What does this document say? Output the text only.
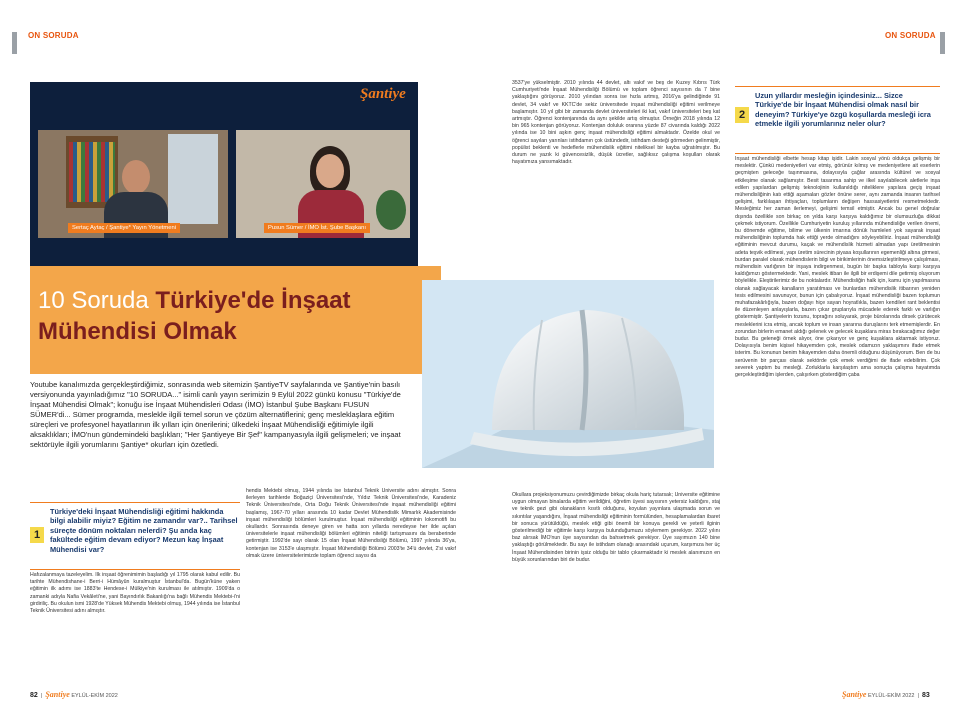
ON SORUDA	ON SORUDA
Şantiye
Sertaç Aytaç / Şantiye* Yayın Yönetmeni	Pusun Sümer / İMO İst. Şube Başkanı
10 Soruda Türkiye'de İnşaat
Mühendisi Olmak

Youtube kanalımızda gerçekleştirdiğimiz, sonrasında web sitemizin ŞantiyeTV sayfalarında ve Şantiye'nin basılı versiyonunda yayınladığımız "10 SORUDA..." isimli canlı yayın serimizin 9 Eylül 2022 günkü konusu "Türkiye'de İnşaat Mühendisi Olmak"; konuğu ise İnşaat Mühendisleri Odası (İMO) İstanbul Şube Başkanı FUSUN SÜMER'di... Sümer programda, meslekle ilgili temel sorun ve çözüm alternatiflerini; genç mesleklaşlara eğitim süreçleri ve profesyonel hayatlarının ilk yılları için önerilerini; ülkedeki İnşaat Mühendisliği eğitimiyle ilgili aksaklıkları; İMO'nun gündemindeki başlıkları; "Her Şantiyeye Bir Şef" kampanyasıyla ilgili gelişmeleri; ve inşaat sektörüyle ilgili yorumlarını Şantiye* okurları için özetledi.

1
Türkiye'deki İnşaat Mühendisliği eğitimi hakkında bilgi alabilir miyiz? Eğitim ne zamandır var?.. Tarihsel süreçte dönüm noktaları nelerdi? Şu anda kaç fakültede eğitim devam ediyor? Mezun kaç İnşaat Mühendisi var?
2
Uzun yıllardır mesleğin içindesiniz... Sizce Türkiye'de bir İnşaat Mühendisi olmak nasıl bir deneyim? Türkiye'ye özgü koşullarda mesleği icra etmekle ilgili yorumlarınız neler olur?

Hafızalanmaya tazeleyelim. İlk inşaat öğrenimimin başladığı yıl 1795 olarak kabul edilir. Bu tarihte Mühendishane-i Berri-i Hümâyûn kuralmuştur İstanbul'da. Bugün'küne yaken eğitimin ilk adımı ise 1883'te Hendese-i Mülkiye'nin kurulması ile atılmıştır. 1909'da o zamanki adıyla Nafia Vekâleti'ne, yani Bayındırlık Bakanlığı'na bağlı Mühendis Mektebi-i'ni girdiriliç. Bu okulun ismi 1928'de Yüksek Mühendis Mektebi olmuş, 1944 yılında ise İstanbul Teknik Üniversitesi adını almıştır.

hendis Mektebi olmuş, 1944 yılında ise İstanbul Teknik Üniversite adını almıştır. Sonra ilerleyen tarihlerde Boğaziçi Üniversitesi'nde, Yıldız Teknik Üniversitesi'nde, Karadeniz Teknik Üniversitesi'nde, Orta Doğu Teknik Üniversitesi'nde inşaat mühendisliği eğitimi başlamış, 1967-70 yılları arasında 10 kadar Devlet Mühendislik Mimarlık Akademisinde inşaat mühendisliği bölümleri kurulmuştur. İnşaat mühendisliği eğitiminin lokomotifi bu okullardır. Sonrasında deneye giren ve hatta son yıllarda neredeyse her ilde açılan üniversitelerle inşaat mühendisliği bölümleri eğitimin niteliği tartışmasını da beraberinde getirmiştir. 1992'de sayı olarak 15 olan İnşaat Mühendisliği Bölümü, 1997 yılında 36'ya, kontenjan ise 3153'e ulaşmıştır. İnşaat Mühendisliği Bölümü 2003'te 34'ü devlet, 2'si vakıf olmak üzere üniversitelerimizde toplam öğrenci sayısı da

3537'ye yükselmiştir. 2010 yılında 44 devlet, altı vakıf ve beş de Kuzey Kıbrıs Türk Cumhuriyeti'nde İnşaat Mühendisliği Bölümü ve toplam öğrenci sayısının da 7 bine yaklaştığını görüyoruz. 2010 yılından sonra ise hızla artmış, 2016'ya gelindiğinde 91 devlet, 34 vakıf ve KKTC'de sekiz üniversitede inşaat mühendisliği eğitimi verilmeye başlamıştır. 10 yıl gibi bir zamanda devlet üniversiteleri iki kat, vakıf üniversiteleri beş kat artmıştır. Öğrenci kontenjanında da aynı şekilde artış olmuştur. Örneğin 2018 yılında 12 bin 965 kontenjan görüyoruz. Kontenjan doluluk oranına yüzde 87 civarında kaldığı 2022 yılında ise 10 bini aşkın genç inşaat mühendisliği eğitimi almaktadır. Özelde okul ve öğrenci sayıları yarınları istihdamın çok üstündedir, istihdam desteği görmeden gelinmiştir, popülist beklenti ve hedeflerle mühendislik eğitimi niteliksel bir kayba uğratılmıştır. Bu durum ne yazık ki güvencesizlik, düşük ücretler, sağlıksız çalışma koşulları olarak hayatımıza yansımaktadır.

Okullara projeksiyonumuzu çevirdiğimizde birkaç okula hariç tutarsak; Üniversite eğitimine uygun olmayan binalarda eğitim verildiğini, öğretim üyesi sayısının yetersiz kaldığını, staj ve teknik gezi gibi olanakların kısıtlı olduğunu, koyulan yayınlara ulaşmada sorun ve sıkıntılar yaşandığını, İnşaat mühendisliği eğitiminin formülünden, hesaplamalardan ibaret bir sonuca yürütüldüğü, meslek etiği gibi önemli bir konuya gerekli ve yeterli ilginin gösterilmediği bir eğitimle karşı karşıya bulunduğumuzu söylemem gerekiyor. 2022 yılını baz alırsak İMO'nun üye sayısından da bahsetmek gerekiyor. Üye sayımızın 140 bine yaklaştığı görülmektedir. Bu sayı ile istihdam olanağı arasındaki uçurum, karşımıza her üç İnşaat Mühendisinden birinin işsiz olduğu bir tablo çıkarmaktadır ki meslek alanımızın en büyük sorunlarından biri de budur.

İnşaat mühendisliği elbette hesap kitap işidir. Lakin sosyal yönü oldukça gelişmiş bir meslektir. Çünkü medeniyetleri var etmiş, görünür kılmış ve medeniyetlere ait eserlerin geçmişten geleceğe taşınmasına, dolayısıyla çağlar arasında kültürel ve sosyal etkileşime olanak sağlamıştır. Besit tasarıma sahip ve ilkel sayılabilecek aletlerle inşa edilen yapılardan gelişmiş teknolojinin kullanıldığı niteliklere yapılara geçiş inşaat mühendisliğinin katı ettiği aşamaları gözler önüne serer, aynı zamanda insanın tarihsel gelişimi, farklılaşan ihtiyaçları, toplumların değişen hassasiyetlerini resmetmektedir. Mesleğimiz her zaman ilerlemeyi, gelişimi temsil etmiştir. Ancak bu genel doğrular dışında özellikle son birkaç on yılda karşı karşıya kaldığımız bir olumsuzluğa dikkat çekmek istiyorum. Özellikle Cumhuriyetin kuruluş yıllarında mühendisliğe verilen önemi, bu dönemde eğitime, bilime ve ülkenin imarına dönük hamleleri yok sayarak inşaat mühendisliğinin toplumda hak ettiği yerde olmadığını söyleyebiliriz. İnşaat mühendisliği eğitiminin mevcut durumu, kaçak ve mühendislik hizmeti almadan yapı üretilmesinin adeta teşvik edilmesi, yapı üretim sürecinin piyasa koşullarının egemenliği altına girmesi, burdan paralel olarak mühendislerin bilgi ve birikimlerinin önemsizleştirilmeye çalışılması, mühendisin varlığının bir inşaya indirgenmesi, bugün bir başka tabloyla karşı karşıya kaldığımızı göstermektedir. Yani, meslek itibarı ile ilgili bir erdişemi dile getirmiş oluyorum böylelikle. Eleştirilerimiz de bu noktalardır. Mühendisliğin halk için, kamu için yapılmasına olanak sağlayacak kanalların yaratılması ve bunlardan mühendislik itibarının yeniden tesis edilmesini savunuyor, bunun için çabalıyoruz. İnşaat mühendisliği bazen toplumun muhafazakârlığıyla, bazen doğayı hiçe sayan hoyratlıkla, bazen kendileri rant beklentisi ile düzenleyen anlayışlarla, bazen çıkar gruplarıyla mücadele ederek farklı ve varlığın göstermiştir. Şantiyelerin tozunu, toprağını soluyarak, proje bürolarında dirsek çürütecek mesleklerini icra etmiş, ancak toplum ve insan yararına duruşlarını terk etmemişlerdir. En zorundan birlerin emanet aldığı gelenek ve gelecek kuşaklara miras bırakacağımız değer budur. Bu geleneği örnek alıyor, öne çıkarıyor ve genç kuşaklara aktarmak istiyoruz. Dolayısıyla benim kişisel hikayemden çok, meslek odamızın yaklaşımını ifade etmek isterim. Bu konunun benim hikayemden daha önemli olduğunu düşünüyorum. Ben de bu serüvenin bir parçası olarak sektörde çok emek verdiğimi de ifade edebilirim. Çok severek yaptım bu mesleği. Zorluklarla karşılaştım ama sonuçta çalışma hayatımda gerçekleştirdiğim işlerden, çalışırken gösterdiğim çaba

82  |  Şantiye EYLÜL-EKİM 2022	Şantiye EYLÜL-EKİM 2022  |  83
